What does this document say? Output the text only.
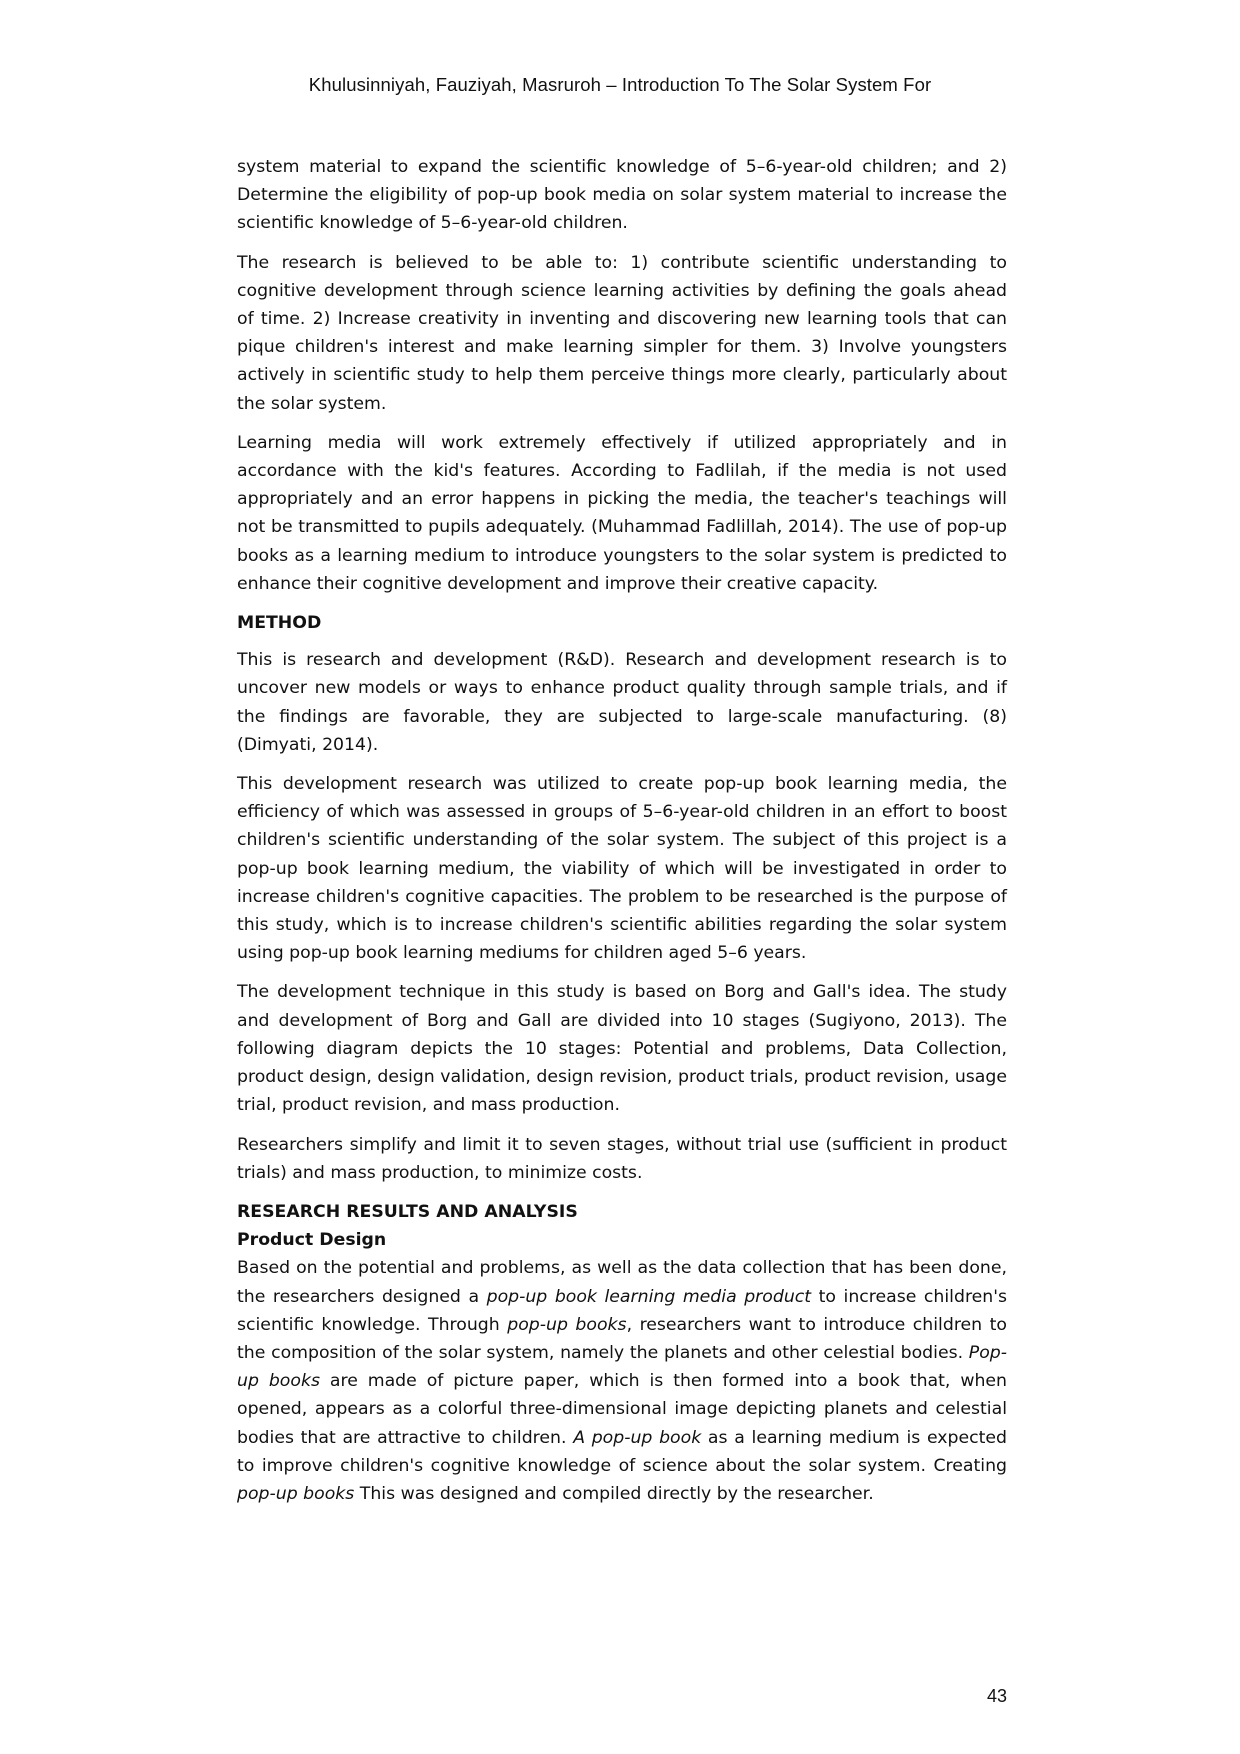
Khulusinniyah, Fauziyah, Masruroh – Introduction To The Solar System For

system material to expand the scientific knowledge of 5–6-year-old children; and 2) Determine the eligibility of pop-up book media on solar system material to increase the scientific knowledge of 5–6-year-old children.

The research is believed to be able to: 1) contribute scientific understanding to cognitive development through science learning activities by defining the goals ahead of time. 2) Increase creativity in inventing and discovering new learning tools that can pique children's interest and make learning simpler for them. 3) Involve youngsters actively in scientific study to help them perceive things more clearly, particularly about the solar system.

Learning media will work extremely effectively if utilized appropriately and in accordance with the kid's features. According to Fadlilah, if the media is not used appropriately and an error happens in picking the media, the teacher's teachings will not be transmitted to pupils adequately. (Muhammad Fadlillah, 2014). The use of pop-up books as a learning medium to introduce youngsters to the solar system is predicted to enhance their cognitive development and improve their creative capacity.

METHOD

This is research and development (R&D). Research and development research is to uncover new models or ways to enhance product quality through sample trials, and if the findings are favorable, they are subjected to large-scale manufacturing. (8) (Dimyati, 2014).

This development research was utilized to create pop-up book learning media, the efficiency of which was assessed in groups of 5–6-year-old children in an effort to boost children's scientific understanding of the solar system. The subject of this project is a pop-up book learning medium, the viability of which will be investigated in order to increase children's cognitive capacities. The problem to be researched is the purpose of this study, which is to increase children's scientific abilities regarding the solar system using pop-up book learning mediums for children aged 5–6 years.

The development technique in this study is based on Borg and Gall's idea. The study and development of Borg and Gall are divided into 10 stages (Sugiyono, 2013). The following diagram depicts the 10 stages: Potential and problems, Data Collection, product design, design validation, design revision, product trials, product revision, usage trial, product revision, and mass production.

Researchers simplify and limit it to seven stages, without trial use (sufficient in product trials) and mass production, to minimize costs.

RESEARCH RESULTS AND ANALYSIS
Product Design

Based on the potential and problems, as well as the data collection that has been done, the researchers designed a pop-up book learning media product to increase children's scientific knowledge. Through pop-up books, researchers want to introduce children to the composition of the solar system, namely the planets and other celestial bodies. Pop-up books are made of picture paper, which is then formed into a book that, when opened, appears as a colorful three-dimensional image depicting planets and celestial bodies that are attractive to children. A pop-up book as a learning medium is expected to improve children's cognitive knowledge of science about the solar system. Creating pop-up books This was designed and compiled directly by the researcher.

43
